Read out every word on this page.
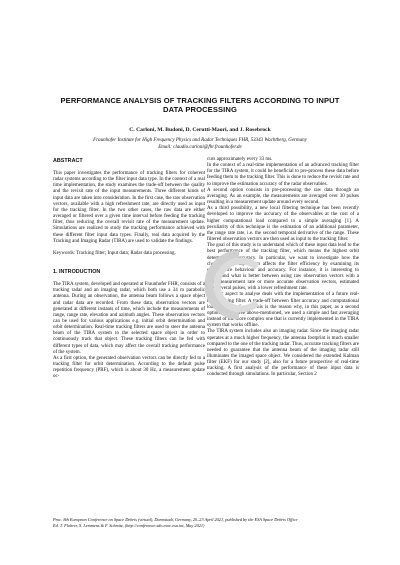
PERFORMANCE ANALYSIS OF TRACKING FILTERS ACCORDING TO INPUT DATA PROCESSING
C. Carloni, M. Budoni, D. Cerutti-Maori, and J. Rosebrock
Fraunhofer Institute for High Frequency Physics and Radar Techniques FHR, 53343 Wachtberg, Germany
Email: claudio.carloni@fhr.fraunhofer.de
ABSTRACT

This paper investigates the performance of tracking filters for coherent radar systems according to the filter input data type. In the context of a real time implementation, the study examines the trade-off between the quality and the revisit rate of the input measurements. Three different kinds of input data are taken into consideration. In the first case, the raw observation vectors, available with a high refreshment rate, are directly used as input for the tracking filter. In the two other cases, the raw data are either averaged or filtered over a given time interval before feeding the tracking filter, thus reducing the overall revisit rate of the measurement update. Simulations are realized to study the tracking performance achieved with these different filter input data types. Finally, real data acquired by the Tracking and Imaging Radar (TIRA) are used to validate the findings.

Keywords: Tracking filter; Input data; Radar data processing.

1. INTRODUCTION

The TIRA system, developed and operated at Fraunhofer FHR, consists of a tracking radar and an imaging radar, which both use a 34 m parabolic antenna. During an observation, the antenna beam follows a space object and radar data are recorded. From these data, observation vectors are generated at different instants of time, which include the measurements of range, range rate, elevation and azimuth angles. These observation vectors can be used for various applications e.g. initial orbit determination and orbit determination. Real-time tracking filters are used to steer the antenna beam of the TIRA system to the selected space object in order to continuously track that object. These tracking filters can be fed with different types of data, which may affect the overall tracking performance of the system.

As a first option, the generated observation vectors can be directly fed to a tracking filter for orbit determination. According to the default pulse repetition frequency (PRF), which is about 30 Hz, a measurement update oc-

curs approximately every 33 ms.

In the context of a real-time implementation of an advanced tracking filter for the TIRA system, it could be beneficial to pre-process these data before feeding them to the tracking filter. This is done to reduce the revisit rate and to improve the estimation accuracy of the radar observables.

A second option consists in pre-processing the raw data through an averaging. As an example, the measurements are averaged over 30 pulses resulting in a measurement update around every second.

As a third possibility, a new local filtering technique has been recently developed to improve the accuracy of the observables at the cost of a higher computational load compared to a simple averaging [1]. A peculiarity of this technique is the estimation of an additional parameter, the range rate rate, i.e. the second temporal derivative of the range. These filtered observation vectors are then used as input to the tracking filter.

The goal of this study is to understand which of these input data lead to the best performance of the tracking filter, which means the highest orbit determination accuracy. In particular, we want to investigate how the choice of the input data affects the filter efficiency by examining its convergence behaviour and accuracy. For instance, it is interesting to understand what is better between using raw observation vectors with a high measurement rate or more accurate observation vectors, estimated over several pulses, with a lower refreshment rate.

Another aspect to analyse deals with the implementation of a future real-time tracking filter. A trade-off between filter accuracy and computational load has to be found. This is the reason why, in this paper, as a second option of the three above-mentioned, we used a simple and fast averaging instead of the more complex one that is currently implemented in the TIRA system that works offline.

The TIRA system includes also an imaging radar. Since the imaging radar operates at a much higher frequency, the antenna footprint is much smaller compared to the one of the tracking radar. Thus, accurate tracking filters are needed to guarantee that the antenna beam of the imaging radar still illuminates the imaged space object. We considered the extended Kalman filter (EKF) for our study [2], also for a future prospective of real-time tracking. A first analysis of the performance of these input data is conducted through simulations. In particular, Section 2

Proc. 8th European Conference on Space Debris (virtual), Darmstadt, Germany, 20–23 April 2021, published by the ESA Space Debris Office
Ed. T. Flohrer, S. Lemmens & F. Schmitz, (http://conference.sdo.esoc.esa.int, May 2021)
